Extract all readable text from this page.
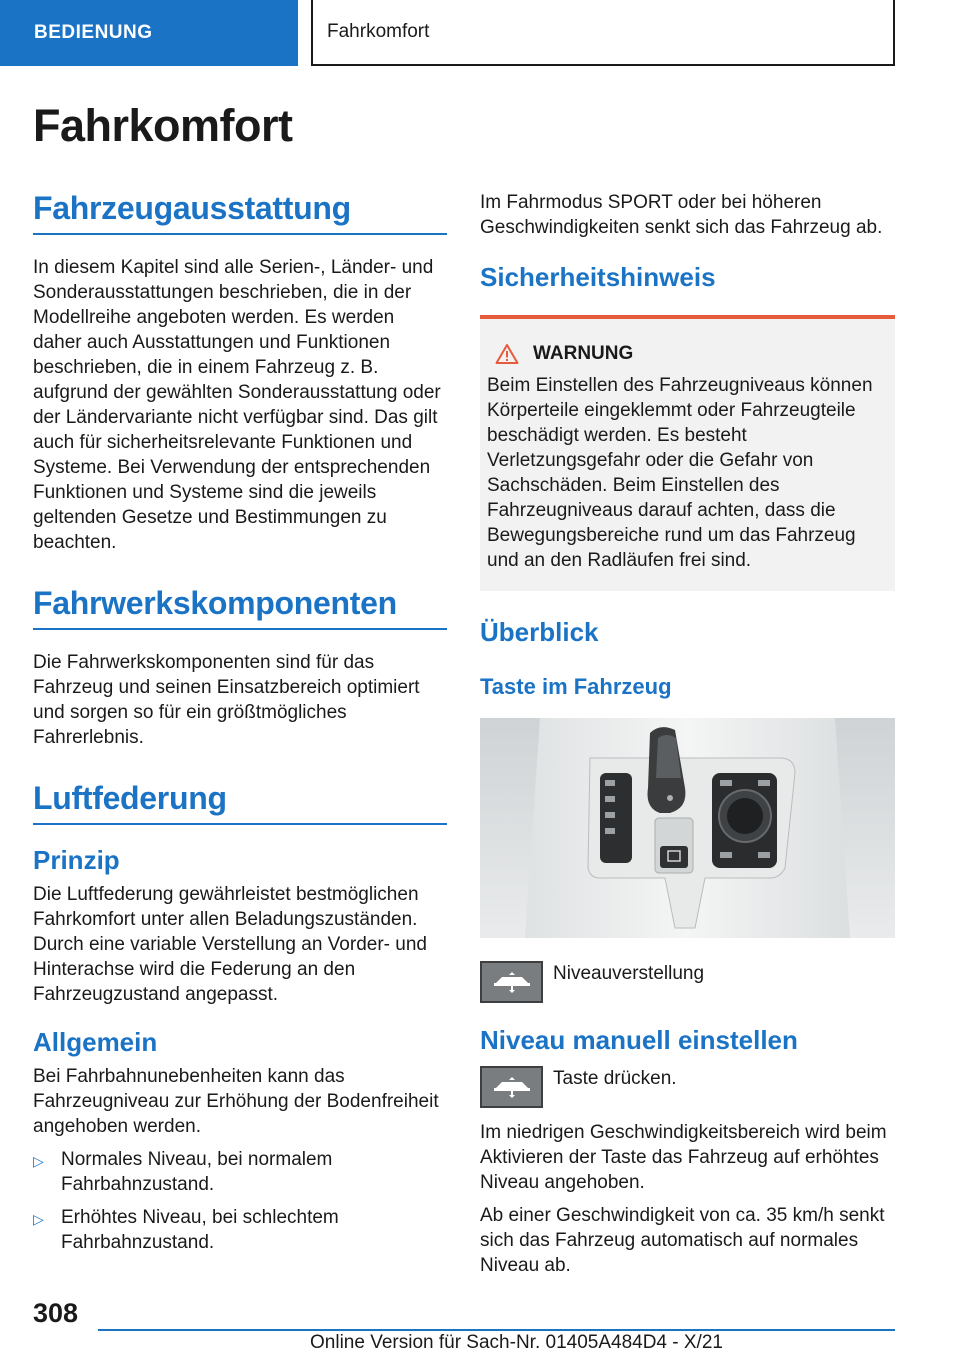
BEDIENUNG	Fahrkomfort
Fahrkomfort
Fahrzeugausstattung

In diesem Kapitel sind alle Serien-, Länder- und Sonderausstattungen beschrieben, die in der Modellreihe angeboten werden. Es werden daher auch Ausstattungen und Funktionen beschrieben, die in einem Fahrzeug z. B. aufgrund der gewählten Sonderausstattung oder der Ländervariante nicht verfügbar sind. Das gilt auch für sicherheitsrelevante Funktionen und Systeme. Bei Verwendung der entsprechenden Funktionen und Systeme sind die jeweils geltenden Gesetze und Bestimmungen zu beachten.

Fahrwerkskomponenten

Die Fahrwerkskomponenten sind für das Fahrzeug und seinen Einsatzbereich optimiert und sorgen so für ein größtmögliches Fahrerlebnis.

Luftfederung
Prinzip

Die Luftfederung gewährleistet bestmöglichen Fahrkomfort unter allen Beladungszuständen. Durch eine variable Verstellung an Vorder- und Hinterachse wird die Federung an den Fahrzeugzustand angepasst.

Allgemein

Bei Fahrbahnunebenheiten kann das Fahrzeugniveau zur Erhöhung der Bodenfreiheit angehoben werden.

▷ Normales Niveau, bei normalem Fahrbahnzustand.
▷ Erhöhtes Niveau, bei schlechtem Fahrbahnzustand.

Im Fahrmodus SPORT oder bei höheren Geschwindigkeiten senkt sich das Fahrzeug ab.

Sicherheitshinweis
WARNUNG

Beim Einstellen des Fahrzeugniveaus können Körperteile eingeklemmt oder Fahrzeugteile beschädigt werden. Es besteht Verletzungsgefahr oder die Gefahr von Sachschäden. Beim Einstellen des Fahrzeugniveaus darauf achten, dass die Bewegungsbereiche rund um das Fahrzeug und an den Radläufen frei sind.

Überblick
Taste im Fahrzeug

Niveauverstellung

Niveau manuell einstellen

Taste drücken.

Im niedrigen Geschwindigkeitsbereich wird beim Aktivieren der Taste das Fahrzeug auf erhöhtes Niveau angehoben.

Ab einer Geschwindigkeit von ca. 35 km/h senkt sich das Fahrzeug automatisch auf normales Niveau ab.

308
Online Version für Sach-Nr. 01405A484D4 - X/21
